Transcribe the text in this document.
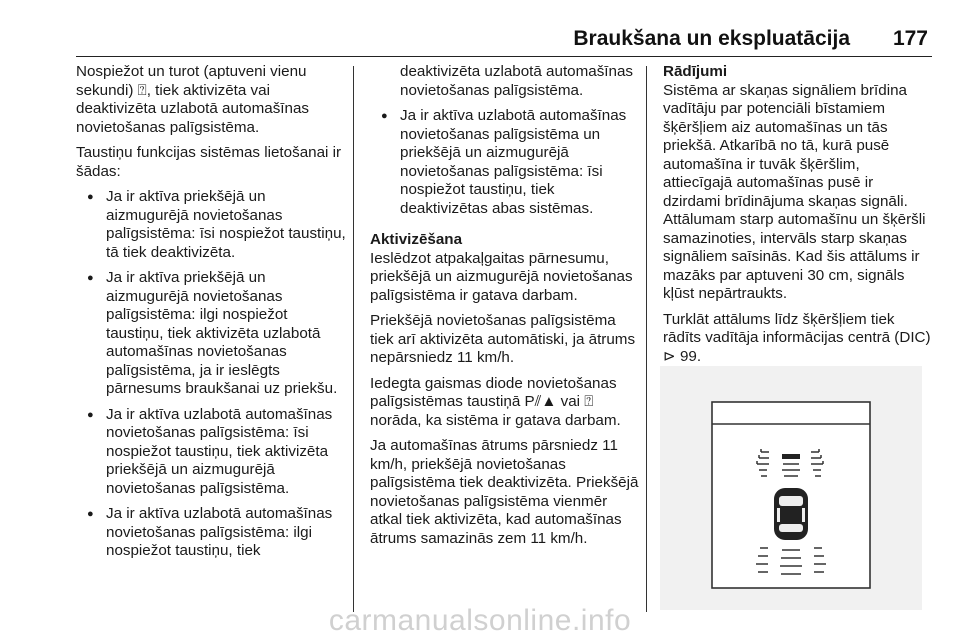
Braukšana un ekspluatācija 177

Nospiežot un turot (aptuveni vienu sekundi) ⍰, tiek aktivizēta vai deaktivizēta uzlabotā automašīnas novietošanas palīgsistēma.

Taustiņu funkcijas sistēmas lietošanai ir šādas:

● Ja ir aktīva priekšējā un aizmugurējā novietošanas palīgsistēma: īsi nospiežot taustiņu, tā tiek deaktivizēta.
● Ja ir aktīva priekšējā un aizmugurējā novietošanas palīgsistēma: ilgi nospiežot taustiņu, tiek aktivizēta uzlabotā automašīnas novietošanas palīgsistēma, ja ir ieslēgts pārnesums braukšanai uz priekšu.
● Ja ir aktīva uzlabotā automašīnas novietošanas palīgsistēma: īsi nospiežot taustiņu, tiek aktivizēta priekšējā un aizmugurējā novietošanas palīgsistēma.
● Ja ir aktīva uzlabotā automašīnas novietošanas palīgsistēma: ilgi nospiežot taustiņu, tiek
deaktivizēta uzlabotā automašīnas novietošanas palīgsistēma.
● Ja ir aktīva uzlabotā automašīnas novietošanas palīgsistēma un priekšējā un aizmugurējā novietošanas palīgsistēma: īsi nospiežot taustiņu, tiek deaktivizētas abas sistēmas.
Aktivizēšana

Ieslēdzot atpakaļgaitas pārnesumu, priekšējā un aizmugurējā novietošanas palīgsistēma ir gatava darbam.

Priekšējā novietošanas palīgsistēma tiek arī aktivizēta automātiski, ja ātrums nepārsniedz 11 km/h.

Iedegta gaismas diode novietošanas palīgsistēmas taustiņā P⫽▲ vai ⍰ norāda, ka sistēma ir gatava darbam.

Ja automašīnas ātrums pārsniedz 11 km/h, priekšējā novietošanas palīgsistēma tiek deaktivizēta. Priekšējā novietošanas palīgsistēma vienmēr atkal tiek aktivizēta, kad automašīnas ātrums samazinās zem 11 km/h.

Rādījumi

Sistēma ar skaņas signāliem brīdina vadītāju par potenciāli bīstamiem šķēršļiem aiz automašīnas un tās priekšā. Atkarībā no tā, kurā pusē automašīna ir tuvāk šķēršlim, attiecīgajā automašīnas pusē ir dzirdami brīdinājuma skaņas signāli. Attālumam starp automašīnu un šķēršli samazinoties, intervāls starp skaņas signāliem saīsinās. Kad šis attālums ir mazāks par aptuveni 30 cm, signāls kļūst nepārtraukts.

Turklāt attālums līdz šķēršļiem tiek rādīts vadītāja informācijas centrā (DIC) ⊳ 99.

carmanualsonline.info
